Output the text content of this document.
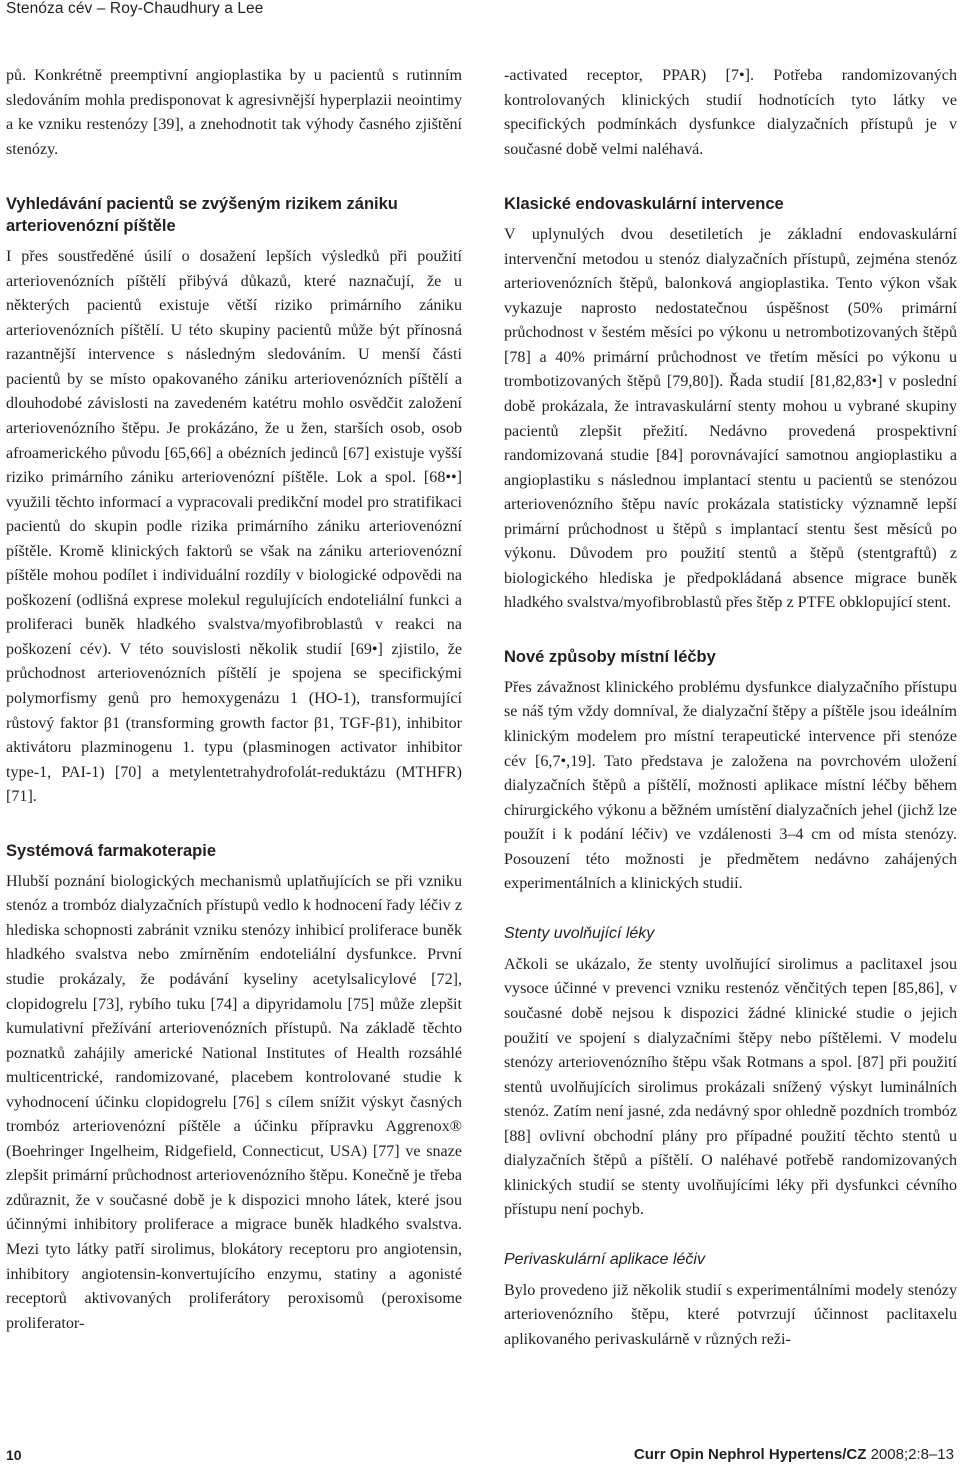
Stenóza cév – Roy-Chaudhury a Lee

pů. Konkrétně preemptivní angioplastika by u pacientů s rutinním sledováním mohla predisponovat k agresivnější hyperplazii neointimy a ke vzniku restenózy [39], a znehodnotit tak výhody časného zjištění stenózy.

Vyhledávání pacientů se zvýšeným rizikem zániku arteriovenózní píštěle

I přes soustředěné úsilí o dosažení lepších výsledků při použití arteriovenózních píštělí přibývá důkazů, které naznačují, že u některých pacientů existuje větší riziko primárního zániku arteriovenózních píštělí. U této skupiny pacientů může být přínosná razantnější intervence s následným sledováním. U menší části pacientů by se místo opakovaného zániku arteriovenózních píštělí a dlouhodobé závislosti na zavedeném katétru mohlo osvědčit založení arteriovenózního štěpu. Je prokázáno, že u žen, starších osob, osob afroamerického původu [65,66] a obézních jedinců [67] existuje vyšší riziko primárního zániku arteriovenózní píštěle. Lok a spol. [68••] využili těchto informací a vypracovali predikční model pro stratifikaci pacientů do skupin podle rizika primárního zániku arteriovenózní píštěle. Kromě klinických faktorů se však na zániku arteriovenózní píštěle mohou podílet i individuální rozdíly v biologické odpovědi na poškození (odlišná exprese molekul regulujících endoteliální funkci a proliferaci buněk hladkého svalstva/myofibroblastů v reakci na poškození cév). V této souvislosti několik studií [69•] zjistilo, že průchodnost arteriovenózních píštělí je spojena se specifickými polymorfismy genů pro hemoxygenázu 1 (HO-1), transformující růstový faktor β1 (transforming growth factor β1, TGF-β1), inhibitor aktivátoru plazminogenu 1. typu (plasminogen activator inhibitor type-1, PAI-1) [70] a metylentetrahydrofolát-reduktázu (MTHFR) [71].

Systémová farmakoterapie

Hlubší poznání biologických mechanismů uplatňujících se při vzniku stenóz a trombóz dialyzačních přístupů vedlo k hodnocení řady léčiv z hlediska schopnosti zabránit vzniku stenózy inhibicí proliferace buněk hladkého svalstva nebo zmírněním endoteliální dysfunkce. První studie prokázaly, že podávání kyseliny acetylsalicylové [72], clopidogrelu [73], rybího tuku [74] a dipyridamolu [75] může zlepšit kumulativní přežívání arteriovenózních přístupů. Na základě těchto poznatků zahájily americké National Institutes of Health rozsáhlé multicentrické, randomizované, placebem kontrolované studie k vyhodnocení účinku clopidogrelu [76] s cílem snížit výskyt časných trombóz arteriovenózní píštěle a účinku přípravku Aggrenox® (Boehringer Ingelheim, Ridgefield, Connecticut, USA) [77] ve snaze zlepšit primární průchodnost arteriovenózního štěpu. Konečně je třeba zdůraznit, že v současné době je k dispozici mnoho látek, které jsou účinnými inhibitory proliferace a migrace buněk hladkého svalstva. Mezi tyto látky patří sirolimus, blokátory receptoru pro angiotensin, inhibitory angiotensin-konvertujícího enzymu, statiny a agonisté receptorů aktivovaných proliferátory peroxisomů (peroxisome proliferator-

-activated receptor, PPAR) [7•]. Potřeba randomizovaných kontrolovaných klinických studií hodnotících tyto látky ve specifických podmínkách dysfunkce dialyzačních přístupů je v současné době velmi naléhavá.

Klasické endovaskulární intervence

V uplynulých dvou desetiletích je základní endovaskulární intervenční metodou u stenóz dialyzačních přístupů, zejména stenóz arteriovenózních štěpů, balonková angioplastika. Tento výkon však vykazuje naprosto nedostatečnou úspěšnost (50% primární průchodnost v šestém měsíci po výkonu u netrombotizovaných štěpů [78] a 40% primární průchodnost ve třetím měsíci po výkonu u trombotizovaných štěpů [79,80]). Řada studií [81,82,83•] v poslední době prokázala, že intravaskulární stenty mohou u vybrané skupiny pacientů zlepšit přežití. Nedávno provedená prospektivní randomizovaná studie [84] porovnávající samotnou angioplastiku a angioplastiku s následnou implantací stentu u pacientů se stenózou arteriovenózního štěpu navíc prokázala statisticky významně lepší primární průchodnost u štěpů s implantací stentu šest měsíců po výkonu. Důvodem pro použití stentů a štěpů (stentgraftů) z biologického hlediska je předpokládaná absence migrace buněk hladkého svalstva/myofibroblastů přes štěp z PTFE obklopující stent.

Nové způsoby místní léčby

Přes závažnost klinického problému dysfunkce dialyzačního přístupu se náš tým vždy domníval, že dialyzační štěpy a píštěle jsou ideálním klinickým modelem pro místní terapeutické intervence při stenóze cév [6,7•,19]. Tato představa je založena na povrchovém uložení dialyzačních štěpů a píštělí, možnosti aplikace místní léčby během chirurgického výkonu a běžném umístění dialyzačních jehel (jichž lze použít i k podání léčiv) ve vzdálenosti 3–4 cm od místa stenózy. Posouzení této možnosti je předmětem nedávno zahájených experimentálních a klinických studií.

Stenty uvolňující léky

Ačkoli se ukázalo, že stenty uvolňující sirolimus a paclitaxel jsou vysoce účinné v prevenci vzniku restenóz věnčitých tepen [85,86], v současné době nejsou k dispozici žádné klinické studie o jejich použití ve spojení s dialyzačními štěpy nebo píštělemi. V modelu stenózy arteriovenózního štěpu však Rotmans a spol. [87] při použití stentů uvolňujících sirolimus prokázali snížený výskyt luminálních stenóz. Zatím není jasné, zda nedávný spor ohledně pozdních trombóz [88] ovlivní obchodní plány pro případné použití těchto stentů u dialyzačních štěpů a píštělí. O naléhavé potřebě randomizovaných klinických studií se stenty uvolňujícími léky při dysfunkci cévního přístupu není pochyb.

Perivaskulární aplikace léčiv

Bylo provedeno již několik studií s experimentálními modely stenózy arteriovenózního štěpu, které potvrzují účinnost paclitaxelu aplikovaného perivaskulárně v různých reži-

10	Curr Opin Nephrol Hypertens/CZ 2008;2:8–13
